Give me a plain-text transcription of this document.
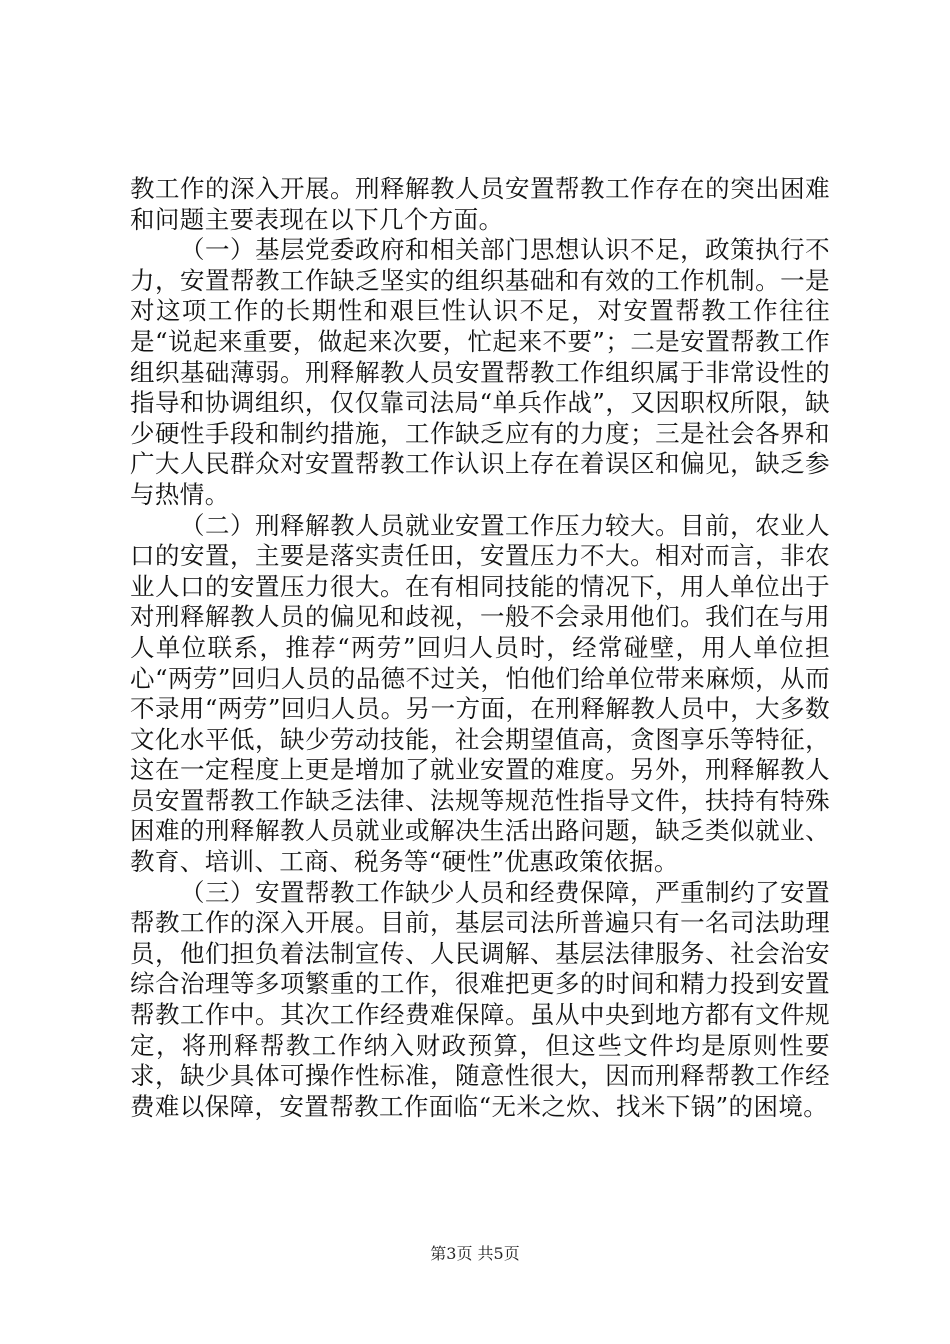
教工作的深入开展。刑释解教人员安置帮教工作存在的突出困难和问题主要表现在以下几个方面。

（一）基层党委政府和相关部门思想认识不足，政策执行不力，安置帮教工作缺乏坚实的组织基础和有效的工作机制。一是对这项工作的长期性和艰巨性认识不足，对安置帮教工作往往是“说起来重要，做起来次要，忙起来不要”；二是安置帮教工作组织基础薄弱。刑释解教人员安置帮教工作组织属于非常设性的指导和协调组织，仅仅靠司法局“单兵作战”，又因职权所限，缺少硬性手段和制约措施，工作缺乏应有的力度；三是社会各界和广大人民群众对安置帮教工作认识上存在着误区和偏见，缺乏参与热情。

（二）刑释解教人员就业安置工作压力较大。目前，农业人口的安置，主要是落实责任田，安置压力不大。相对而言，非农业人口的安置压力很大。在有相同技能的情况下，用人单位出于对刑释解教人员的偏见和歧视，一般不会录用他们。我们在与用人单位联系，推荐“两劳”回归人员时，经常碰壁，用人单位担心“两劳”回归人员的品德不过关，怕他们给单位带来麻烦，从而不录用“两劳”回归人员。另一方面，在刑释解教人员中，大多数文化水平低，缺少劳动技能，社会期望值高，贪图享乐等特征，这在一定程度上更是增加了就业安置的难度。另外，刑释解教人员安置帮教工作缺乏法律、法规等规范性指导文件，扶持有特殊困难的刑释解教人员就业或解决生活出路问题，缺乏类似就业、教育、培训、工商、税务等“硬性”优惠政策依据。

（三）安置帮教工作缺少人员和经费保障，严重制约了安置帮教工作的深入开展。目前，基层司法所普遍只有一名司法助理员，他们担负着法制宣传、人民调解、基层法律服务、社会治安综合治理等多项繁重的工作，很难把更多的时间和精力投到安置帮教工作中。其次工作经费难保障。虽从中央到地方都有文件规定，将刑释帮教工作纳入财政预算，但这些文件均是原则性要求，缺少具体可操作性标准，随意性很大，因而刑释帮教工作经费难以保障，安置帮教工作面临“无米之炊、找米下锅”的困境。

第3页 共5页
